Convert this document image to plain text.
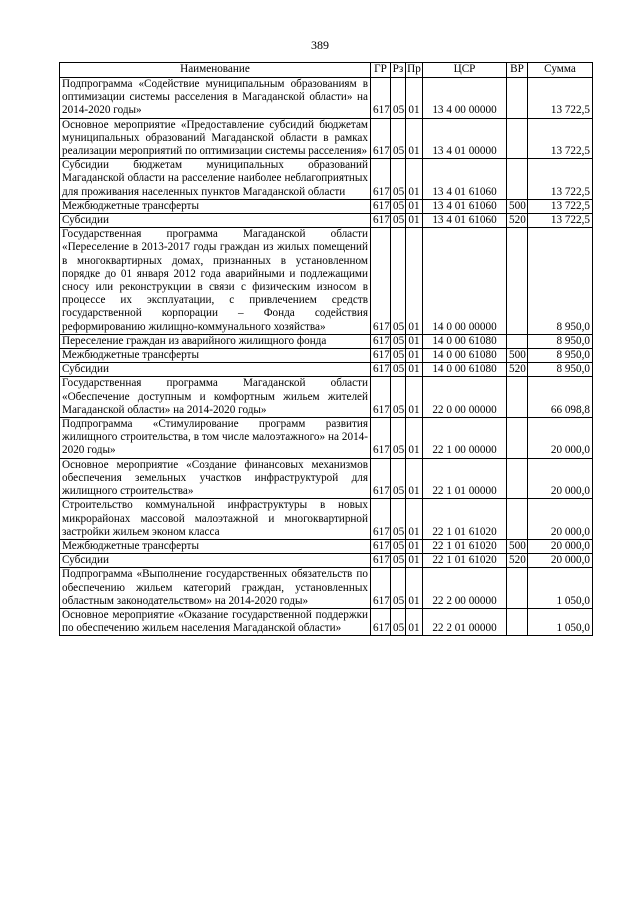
389
Наименование	ГР	Рз	Пр	ЦСР	ВР	Сумма
Подпрограмма «Содействие муниципальным образованиям в оптимизации системы расселения в Магаданской области» на 2014-2020 годы»	617	05	01	13 4 00 00000		13 722,5
Основное мероприятие «Предоставление субсидий бюджетам муниципальных образований Магаданской области в рамках реализации мероприятий по оптимизации системы расселения»	617	05	01	13 4 01 00000		13 722,5
Субсидии бюджетам муниципальных образований Магаданской области на расселение наиболее неблагоприятных для проживания населенных пунктов Магаданской области	617	05	01	13 4 01 61060		13 722,5
Межбюджетные трансферты	617	05	01	13 4 01 61060	500	13 722,5
Субсидии	617	05	01	13 4 01 61060	520	13 722,5
Государственная программа Магаданской области «Переселение в 2013-2017 годы граждан из жилых помещений в многоквартирных домах, признанных в установленном порядке до 01 января 2012 года аварийными и подлежащими сносу или реконструкции в связи с физическим износом в процессе их эксплуатации, с привлечением средств государственной корпорации – Фонда содействия реформированию жилищно-коммунального хозяйства»	617	05	01	14 0 00 00000		8 950,0
Переселение граждан из аварийного жилищного фонда	617	05	01	14 0 00 61080		8 950,0
Межбюджетные трансферты	617	05	01	14 0 00 61080	500	8 950,0
Субсидии	617	05	01	14 0 00 61080	520	8 950,0
Государственная программа Магаданской области «Обеспечение доступным и комфортным жильем жителей Магаданской области» на 2014-2020 годы»	617	05	01	22 0 00 00000		66 098,8
Подпрограмма «Стимулирование программ развития жилищного строительства, в том числе малоэтажного» на 2014-2020 годы»	617	05	01	22 1 00 00000		20 000,0
Основное мероприятие «Создание финансовых механизмов обеспечения земельных участков инфраструктурой для жилищного строительства»	617	05	01	22 1 01 00000		20 000,0
Строительство коммунальной инфраструктуры в новых микрорайонах массовой малоэтажной и многоквартирной застройки жильем эконом класса	617	05	01	22 1 01 61020		20 000,0
Межбюджетные трансферты	617	05	01	22 1 01 61020	500	20 000,0
Субсидии	617	05	01	22 1 01 61020	520	20 000,0
Подпрограмма «Выполнение государственных обязательств по обеспечению жильем категорий граждан, установленных областным законодательством» на 2014-2020 годы»	617	05	01	22 2 00 00000		1 050,0
Основное мероприятие «Оказание государственной поддержки по обеспечению жильем населения Магаданской области»	617	05	01	22 2 01 00000		1 050,0
